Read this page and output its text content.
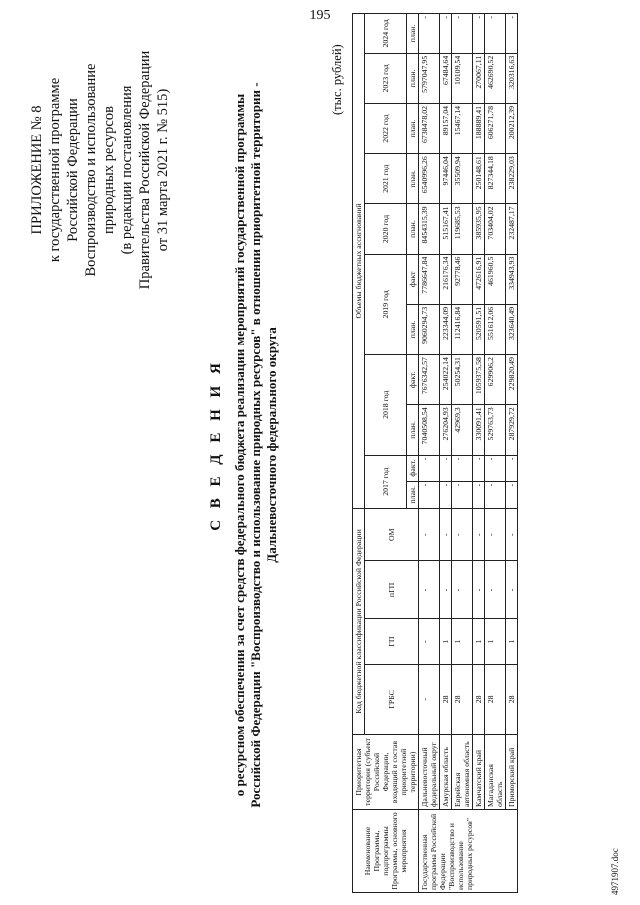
195
ПРИЛОЖЕНИЕ № 8 к государственной программе Российской Федерации Воспроизводство и использование природных ресурсов (в редакции постановления Правительства Российской Федерации от 31 марта 2021 г. № 515)
С В Е Д Е Н И Я о ресурсном обеспечении за счет средств федерального бюджета реализации мероприятий государственной программы Российской Федерации "Воспроизводство и использование природных ресурсов" в отношении приоритетной территории - Дальневосточного федерального округа
(тыс. рублей)
Наименование Программы, подпрограммы Программы, основного мероприятия	Приоритетная территория (субъект Российской Федерации, входящий в состав приоритетной территории)	Код бюджетной классификации Российской Федерации				Объемы бюджетных ассигнований										
		ГРБС	ГП	пГП	ОМ	2017 год		2018 год		2019 год		2020 год	2021 год	2022 год	2023 год	2024 год
						план.	факт.	план.	факт.	план.	факт	план.	план.	план.	план.	план.
Государственная программа Российской Федерации "Воспроизводство и использование природных ресурсов"	Дальневосточный федеральный округ	-	-	-	-	-	-	7040508,54	7676342,57	9060294,73	7786647,84	8454315,39	6540996,26	6738478,02	5797047,95	-
	Амурская область	28	1	-	-	-	-	276204,93	254022,14	223344,09	216176,34	515167,41	97446,04	89157,04	67484,64	-
	Еврейская автономная область	28	1	-	-	-	-	42969,3	50254,31	112416,84	92778,46	119685,53	35509,94	15467,14	10109,54	-
	Камчатский край	28	1	-	-	-	-	330091,41	1059375,58	520591,51	472616,91	385935,95	250148,61	188889,41	270067,11	-
	Магаданская область	28	1	-	-	-	-	529763,73	629906,2	551612,06	461960,5	703404,02	827344,18	606271,78	462690,52	-
	Приморский край	28	1	-	-	-	-	287929,72	229820,49	323640,49	334943,93	232487,17	238229,03	200212,39	320316,63	-
4971907.doc
